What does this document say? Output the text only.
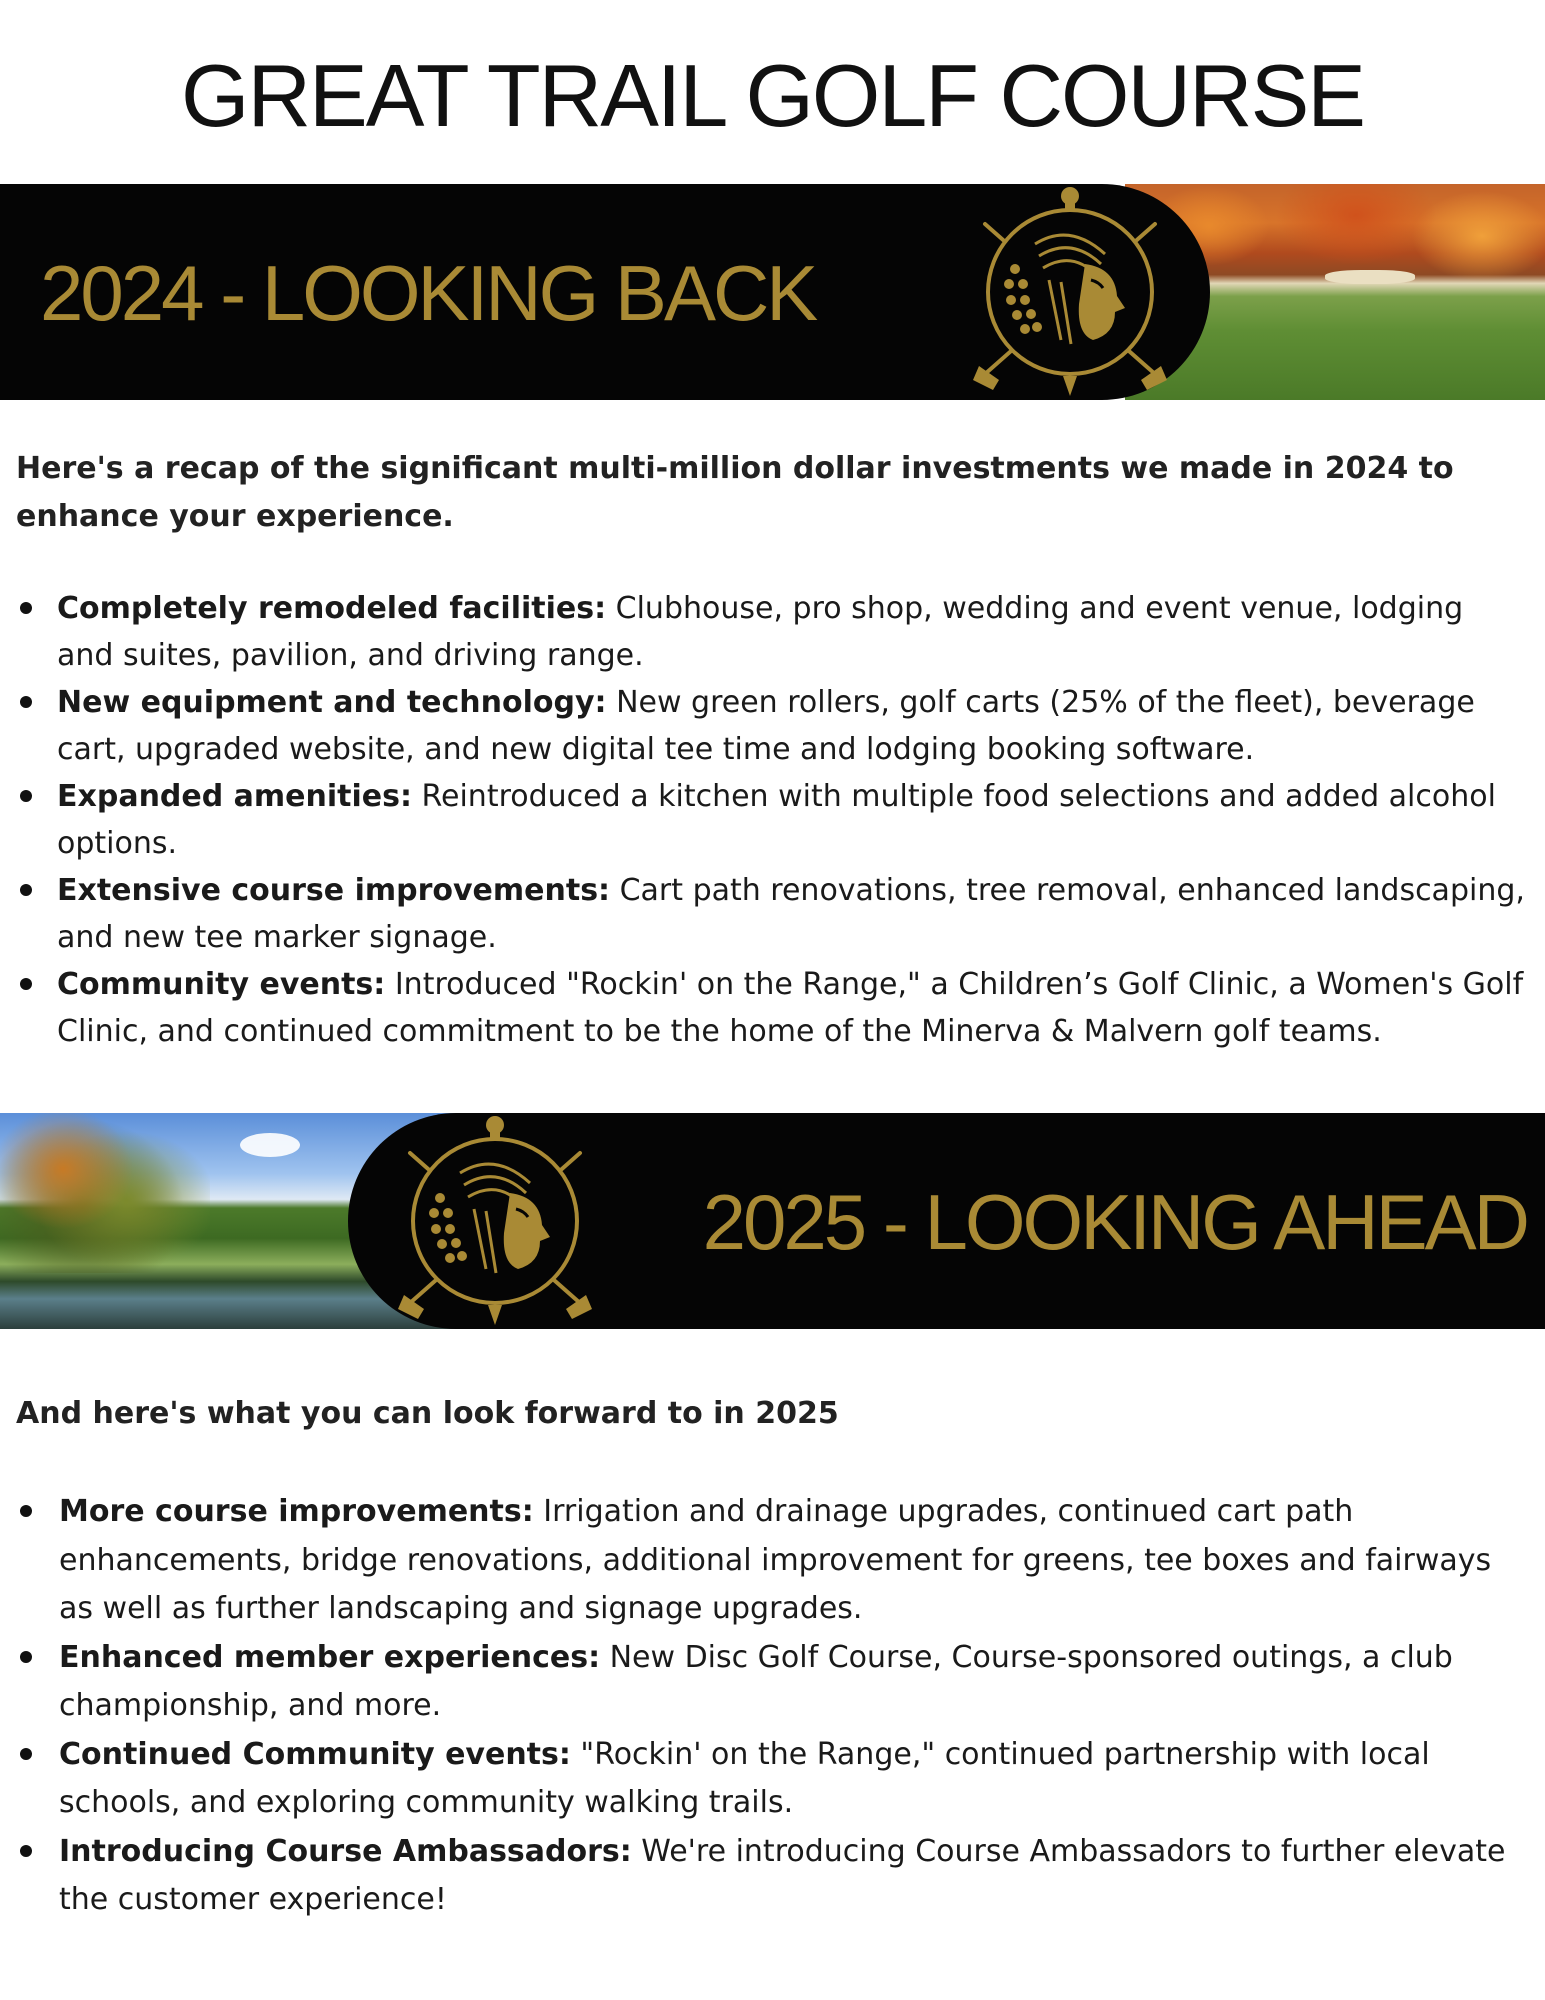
GREAT TRAIL GOLF COURSE
2024 - LOOKING BACK
Here's a recap of the significant multi-million dollar investments we made in 2024 to enhance your experience.
Completely remodeled facilities: Clubhouse, pro shop, wedding and event venue, lodging and suites, pavilion, and driving range.
New equipment and technology: New green rollers, golf carts (25% of the fleet), beverage cart, upgraded website, and new digital tee time and lodging booking software.
Expanded amenities: Reintroduced a kitchen with multiple food selections and added alcohol options.
Extensive course improvements: Cart path renovations, tree removal, enhanced landscaping, and new tee marker signage.
Community events: Introduced "Rockin' on the Range," a Children’s Golf Clinic, a Women's Golf Clinic, and continued commitment to be the home of the Minerva & Malvern golf teams.
2025 - LOOKING AHEAD
And here's what you can look forward to in 2025
More course improvements: Irrigation and drainage upgrades, continued cart path enhancements, bridge renovations, additional improvement for greens, tee boxes and fairways as well as further landscaping and signage upgrades.
Enhanced member experiences: New Disc Golf Course, Course-sponsored outings, a club championship, and more.
Continued Community events: "Rockin' on the Range," continued partnership with local schools, and exploring community walking trails.
Introducing Course Ambassadors: We're introducing Course Ambassadors to further elevate the customer experience!
